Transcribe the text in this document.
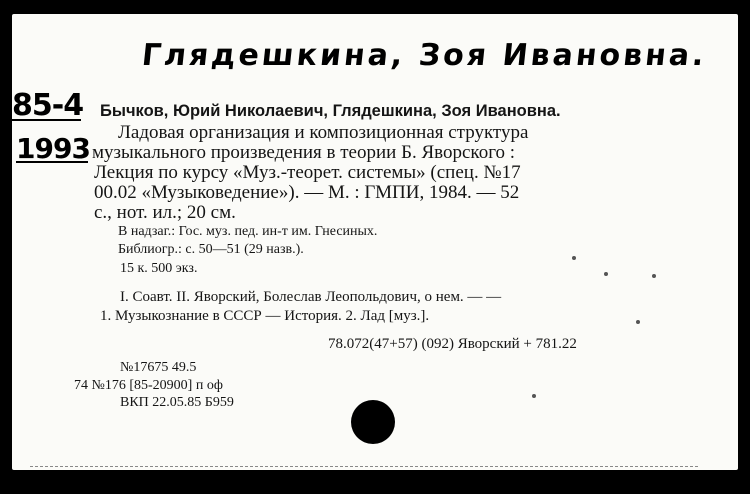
Глядешкина, Зоя Ивановна.
85-4
1993
Бычков, Юрий Николаевич, Глядешкина, Зоя Ивановна.
Ладовая организация и композиционная структура
музыкального произведения в теории Б. Яворского :
Лекция по курсу «Муз.-теорет. системы» (спец. №17
00.02 «Музыковедение»). — М. : ГМПИ, 1984. — 52
с., нот. ил.; 20 см.
В надзаг.: Гос. муз. пед. ин-т им. Гнесиных.
Библиогр.: с. 50—51 (29 назв.).
15 к. 500 экз.
I. Соавт. II. Яворский, Болеслав Леопольдович, о нем. — —
1. Музыкознание в СССР — История. 2. Лад [муз.].
78.072(47+57) (092) Яворский + 781.22
№17675 49.5
74 №176 [85-20900] п оф
ВКП 22.05.85 Б959
